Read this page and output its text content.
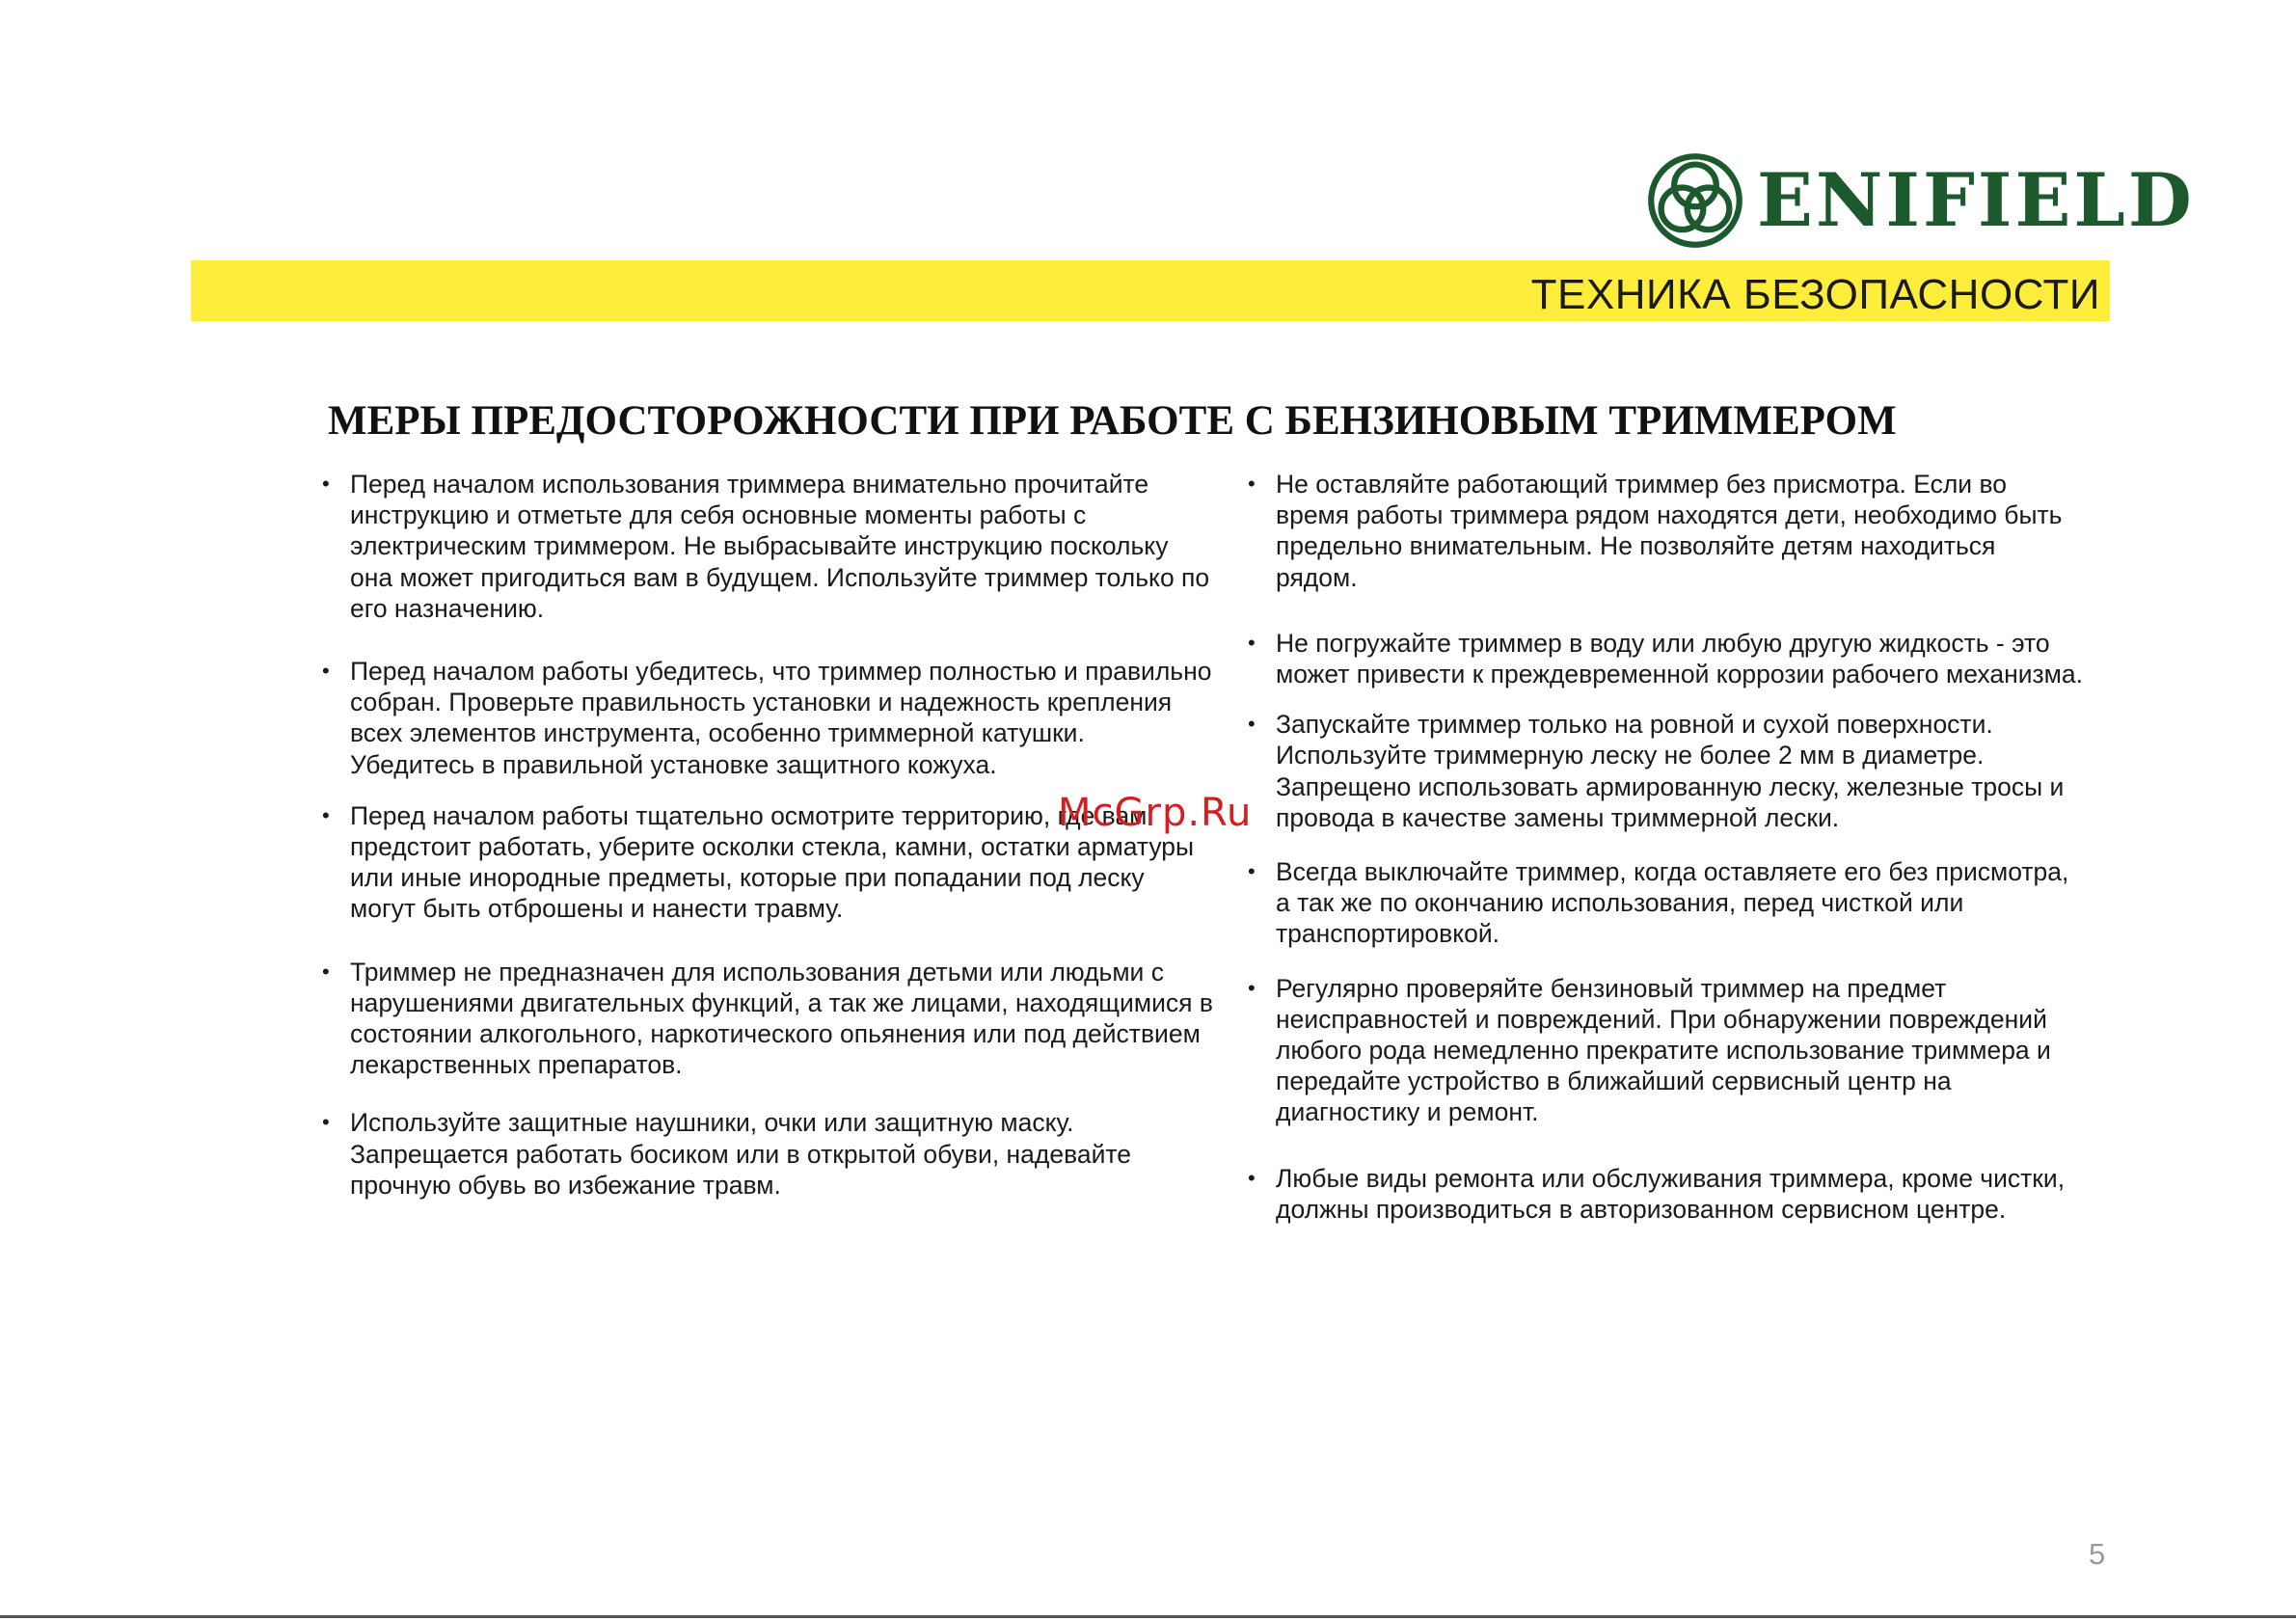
ENIFIELD
ТЕХНИКА БЕЗОПАСНОСТИ
МЕРЫ ПРЕДОСТОРОЖНОСТИ ПРИ РАБОТЕ С БЕНЗИНОВЫМ ТРИММЕРОМ
• Перед началом использования триммера внимательно прочитайте инструкцию и отметьте для себя основные моменты работы с электрическим триммером. Не выбрасывайте инструкцию поскольку она может пригодиться вам в будущем. Используйте триммер только по его назначению.
• Перед началом работы убедитесь, что триммер полностью и правильно собран. Проверьте правильность установки и надежность крепления всех элементов инструмента, особенно триммерной катушки. Убедитесь в правильной установке защитного кожуха.
• Перед началом работы тщательно осмотрите территорию, где вам предстоит работать, уберите осколки стекла, камни, остатки арматуры или иные инородные предметы, которые при попадании под леску могут быть отброшены и нанести травму.
• Триммер не предназначен для использования детьми или людьми с нарушениями двигательных функций, а так же лицами, находящимися в состоянии алкогольного, наркотического опьянения или под действием лекарственных препаратов.
• Используйте защитные наушники, очки или защитную маску. Запрещается работать босиком или в открытой обуви, надевайте прочную обувь во избежание травм.
• Не оставляйте работающий триммер без присмотра. Если во время работы триммера рядом находятся дети, необходимо быть предельно внимательным. Не позволяйте детям находиться рядом.
• Не погружайте триммер в воду или любую другую жидкость - это может привести к преждевременной коррозии рабочего механизма.
• Запускайте триммер только на ровной и сухой поверхности. Используйте триммерную леску не более 2 мм в диаметре. Запрещено использовать армированную леску, железные тросы и провода в качестве замены триммерной лески.
• Всегда выключайте триммер, когда оставляете его без присмотра, а так же по окончанию использования, перед чисткой или транспортировкой.
• Регулярно проверяйте бензиновый триммер на предмет неисправностей и повреждений. При обнаружении повреждений любого рода немедленно прекратите использование триммера и передайте устройство в ближайший сервисный центр на диагностику и ремонт.
• Любые виды ремонта или обслуживания триммера, кроме чистки, должны производиться в авторизованном сервисном центре.
McGrp.Ru
5
